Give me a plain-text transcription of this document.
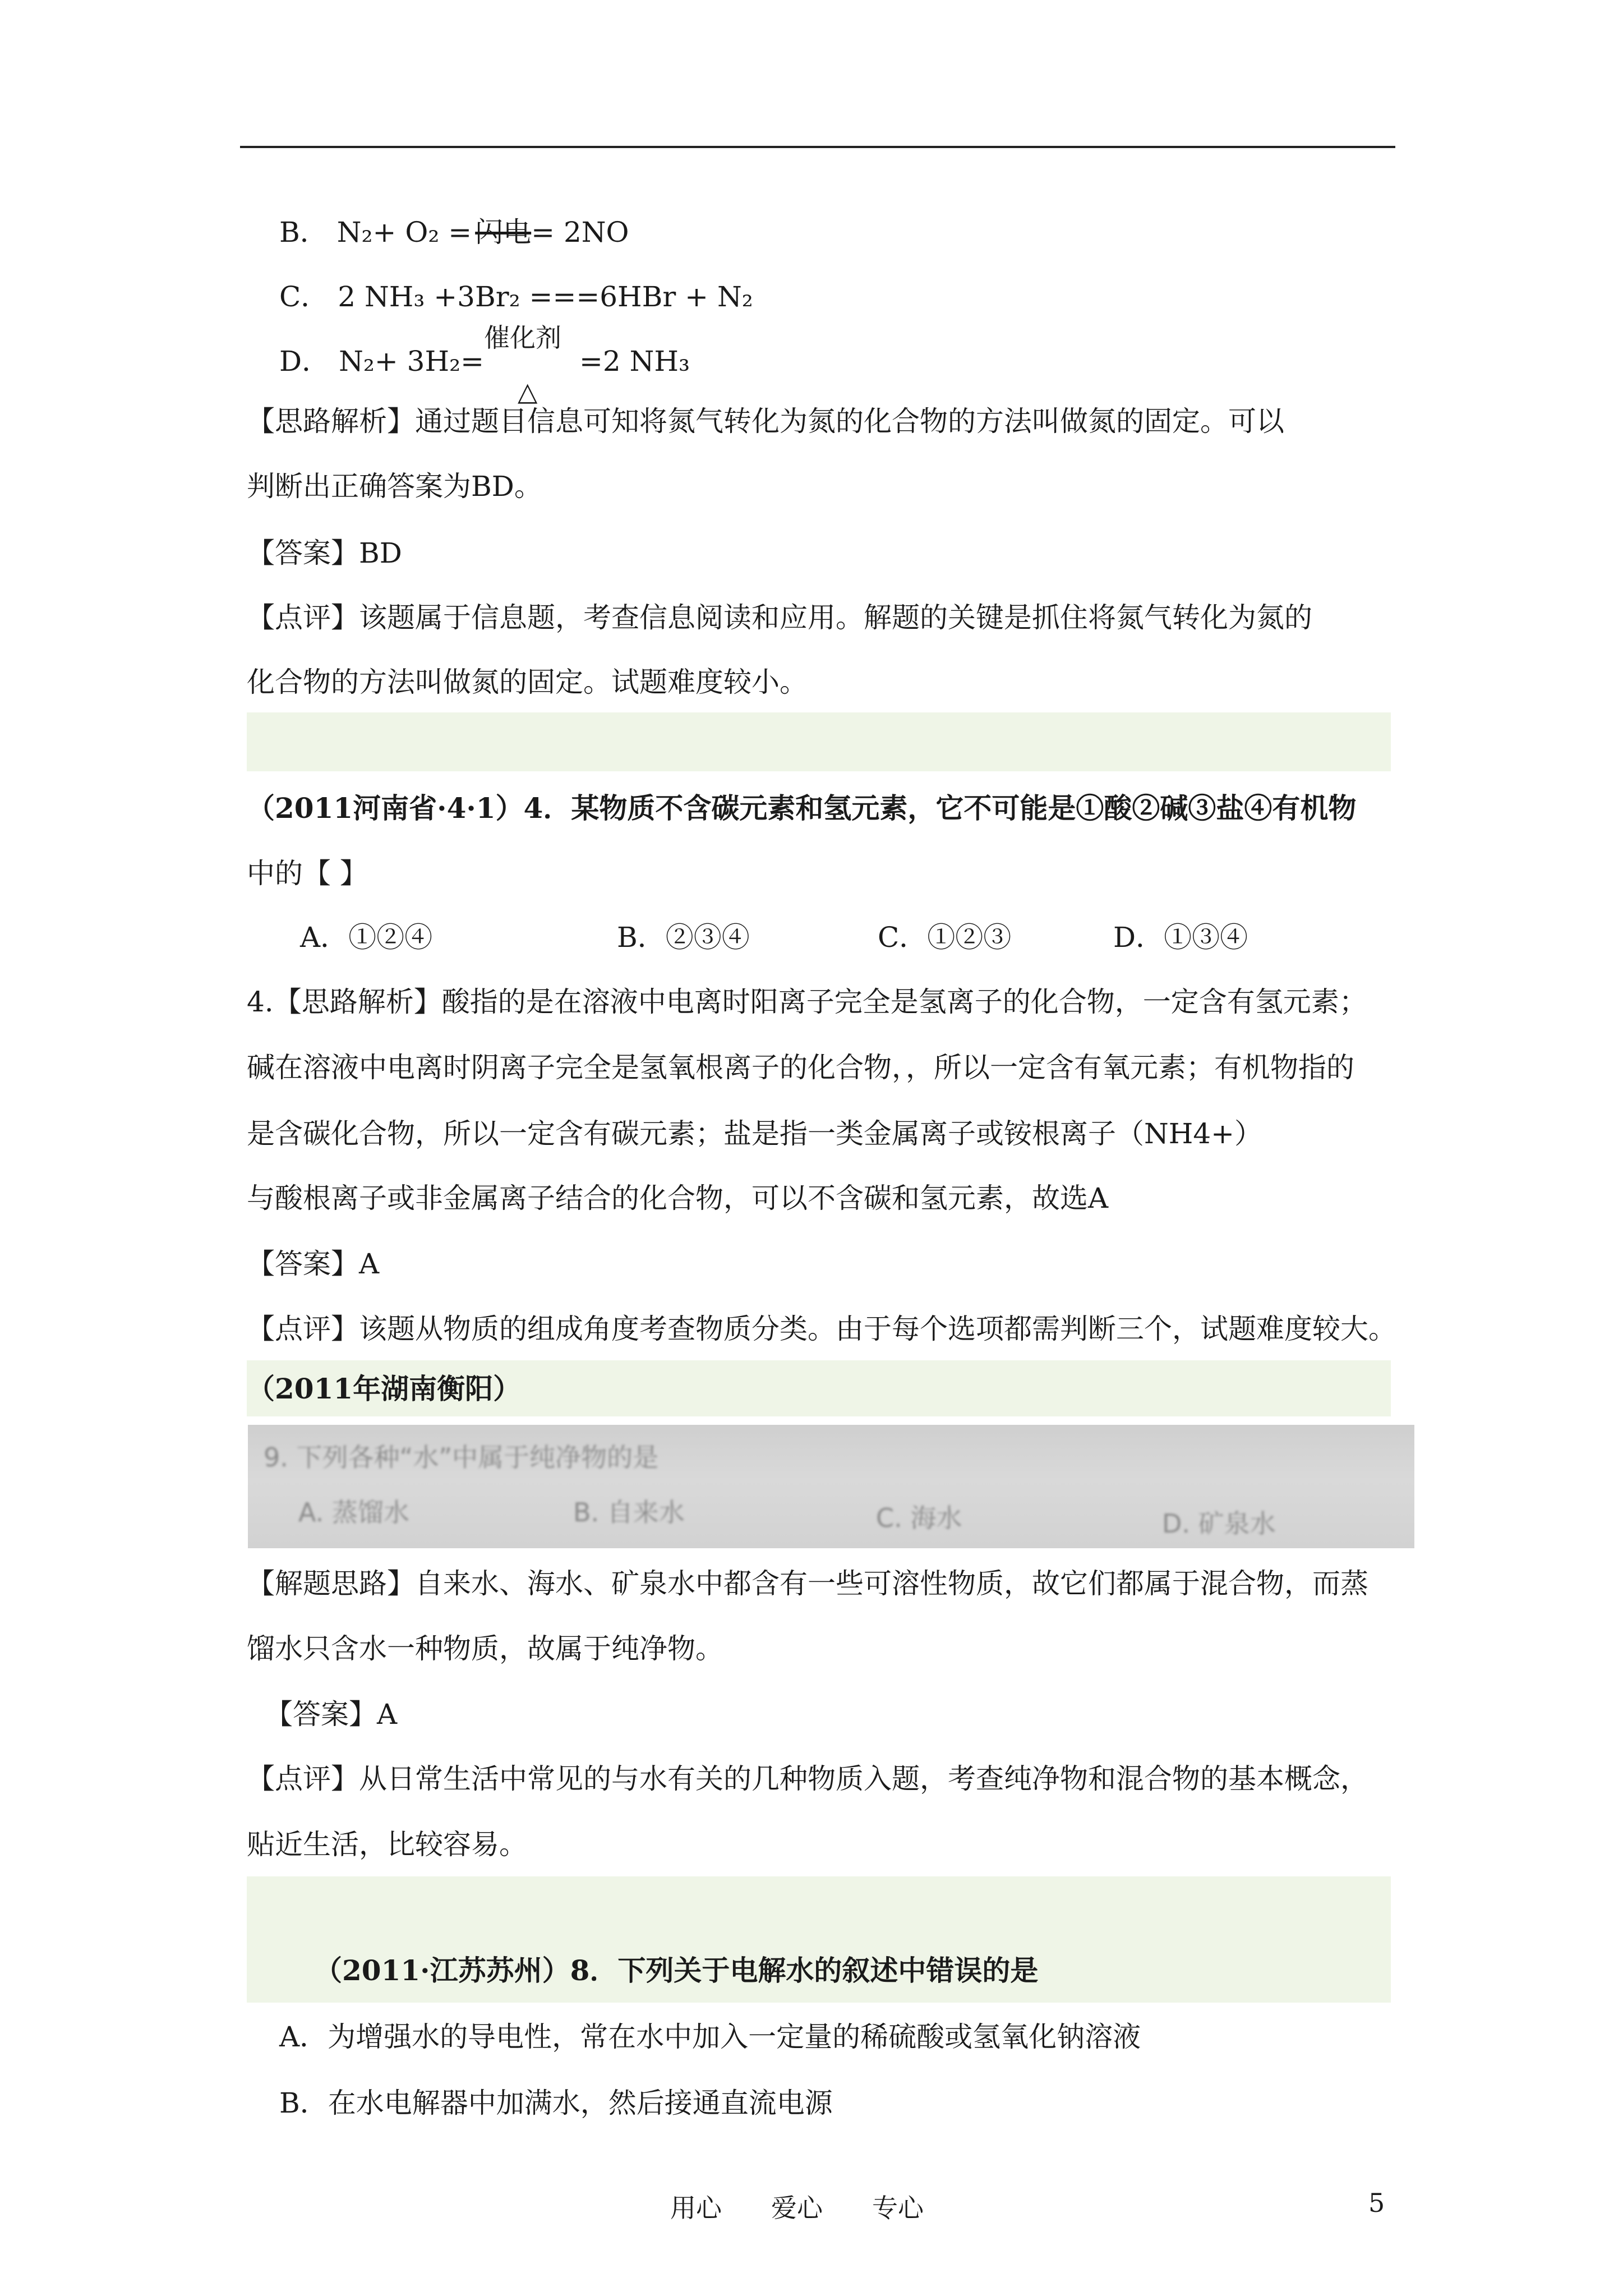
B． N₂+ O₂ = 闪电= 2NO
C． 2 NH₃ +3Br₂ ===6HBr + N₂
D． N₂+ 3H₂=
催化剂
△
=2 NH₃
【思路解析】通过题目信息可知将氮气转化为氮的化合物的方法叫做氮的固定。可以
判断出正确答案为BD。
【答案】BD
【点评】该题属于信息题，考查信息阅读和应用。解题的关键是抓住将氮气转化为氮的
化合物的方法叫做氮的固定。试题难度较小。
（2011河南省·4·1）4．某物质不含碳元素和氢元素，它不可能是①酸②碱③盐④有机物
中的【 】
A．①②④	B．②③④	C．①②③	D．①③④
4.【思路解析】酸指的是在溶液中电离时阳离子完全是氢离子的化合物，一定含有氢元素；
碱在溶液中电离时阴离子完全是氢氧根离子的化合物，，所以一定含有氧元素；有机物指的
是含碳化合物，所以一定含有碳元素；盐是指一类金属离子或铵根离子（NH4+）
与酸根离子或非金属离子结合的化合物，可以不含碳和氢元素，故选A
【答案】A
【点评】该题从物质的组成角度考查物质分类。由于每个选项都需判断三个，试题难度较大。
（2011年湖南衡阳）
9. 下列各种“水”中属于纯净物的是
A. 蒸馏水	B. 自来水	C. 海水	D. 矿泉水
【解题思路】自来水、海水、矿泉水中都含有一些可溶性物质，故它们都属于混合物，而蒸
馏水只含水一种物质，故属于纯净物。
【答案】A
【点评】从日常生活中常见的与水有关的几种物质入题，考查纯净物和混合物的基本概念，
贴近生活，比较容易。
（2011·江苏苏州）8．下列关于电解水的叙述中错误的是
A．为增强水的导电性，常在水中加入一定量的稀硫酸或氢氧化钠溶液
B．在水电解器中加满水，然后接通直流电源
用心 爱心 专心	5
